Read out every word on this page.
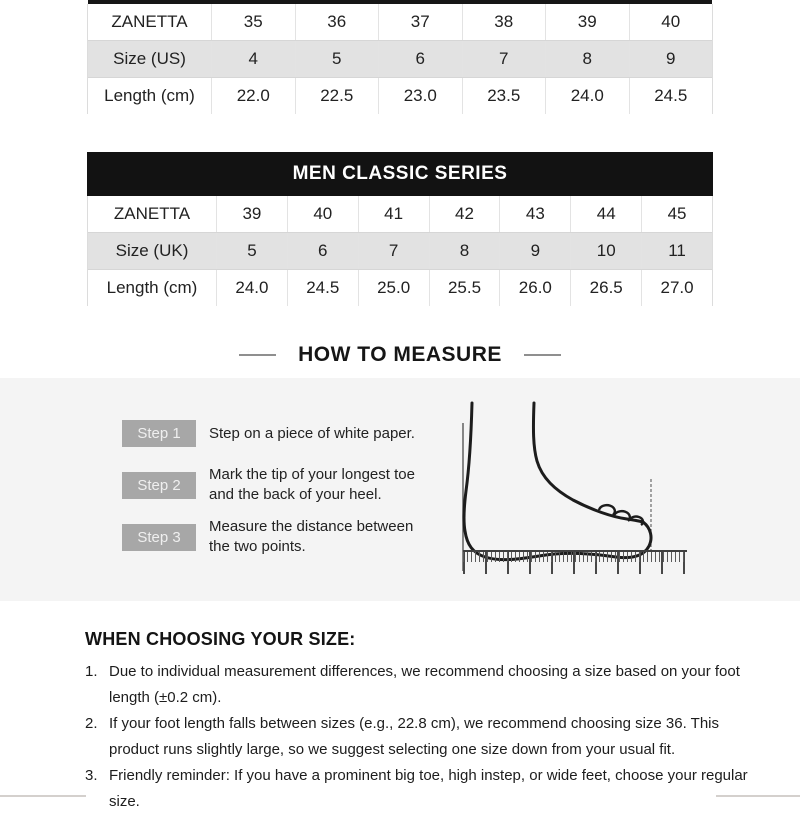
ZANETTA	35	36	37	38	39	40
Size (US)	4	5	6	7	8	9
Length (cm)	22.0	22.5	23.0	23.5	24.0	24.5
MEN CLASSIC SERIES
ZANETTA	39	40	41	42	43	44	45
Size (UK)	5	6	7	8	9	10	11
Length (cm)	24.0	24.5	25.0	25.5	26.0	26.5	27.0
HOW TO MEASURE
Step 1	Step on a piece of white paper.
Step 2
Mark the tip of your longest toe
and the back of your heel.
Step 3
Measure the distance between
the two points.
WHEN CHOOSING YOUR SIZE:
1. Due to individual measurement differences, we recommend choosing a size based on your foot
length (±0.2 cm).
2. If your foot length falls between sizes (e.g., 22.8 cm), we recommend choosing size 36. This
product runs slightly large, so we suggest selecting one size down from your usual fit.
3. Friendly reminder: If you have a prominent big toe, high instep, or wide feet, choose your regular
size.
